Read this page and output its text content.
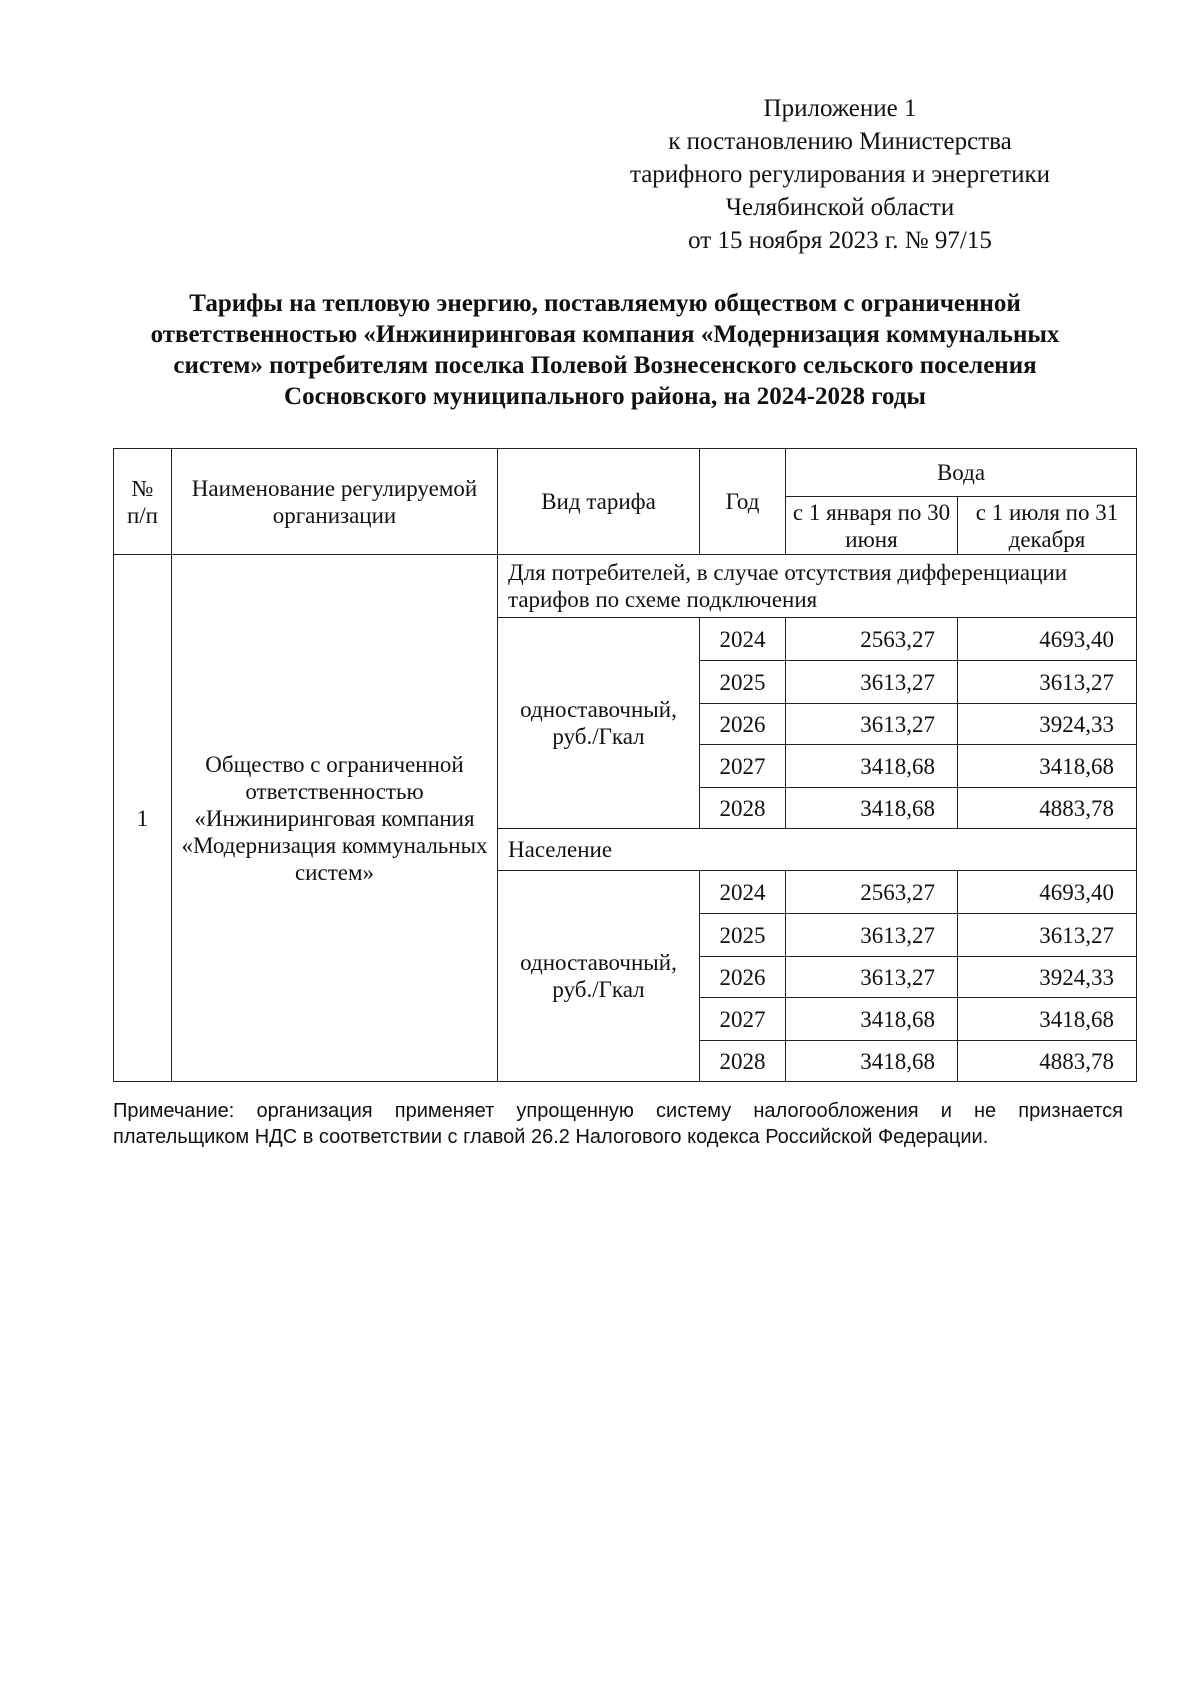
Приложение 1
к постановлению Министерства
тарифного регулирования и энергетики
Челябинской области
от 15 ноября 2023 г. № 97/15
Тарифы на тепловую энергию, поставляемую обществом с ограниченной
ответственностью «Инжиниринговая компания «Модернизация коммунальных
систем» потребителям поселка Полевой Вознесенского сельского поселения
Сосновского муниципального района, на 2024-2028 годы
№ п/п	Наименование регулируемой организации	Вид тарифа	Год	Вода	
				с 1 января по 30 июня	с 1 июля по 31 декабря
1	Общество с ограниченной ответственностью «Инжиниринговая компания «Модернизация коммунальных систем»	Для потребителей, в случае отсутствия дифференциации тарифов по схеме подключения			
		одноставочный, руб./Гкал	2024	2563,27	4693,40
			2025	3613,27	3613,27
			2026	3613,27	3924,33
			2027	3418,68	3418,68
			2028	3418,68	4883,78
		Население			
		одноставочный, руб./Гкал	2024	2563,27	4693,40
			2025	3613,27	3613,27
			2026	3613,27	3924,33
			2027	3418,68	3418,68
			2028	3418,68	4883,78
Примечание: организация применяет упрощенную систему налогообложения и не признается
плательщиком НДС в соответствии с главой 26.2 Налогового кодекса Российской Федерации.
